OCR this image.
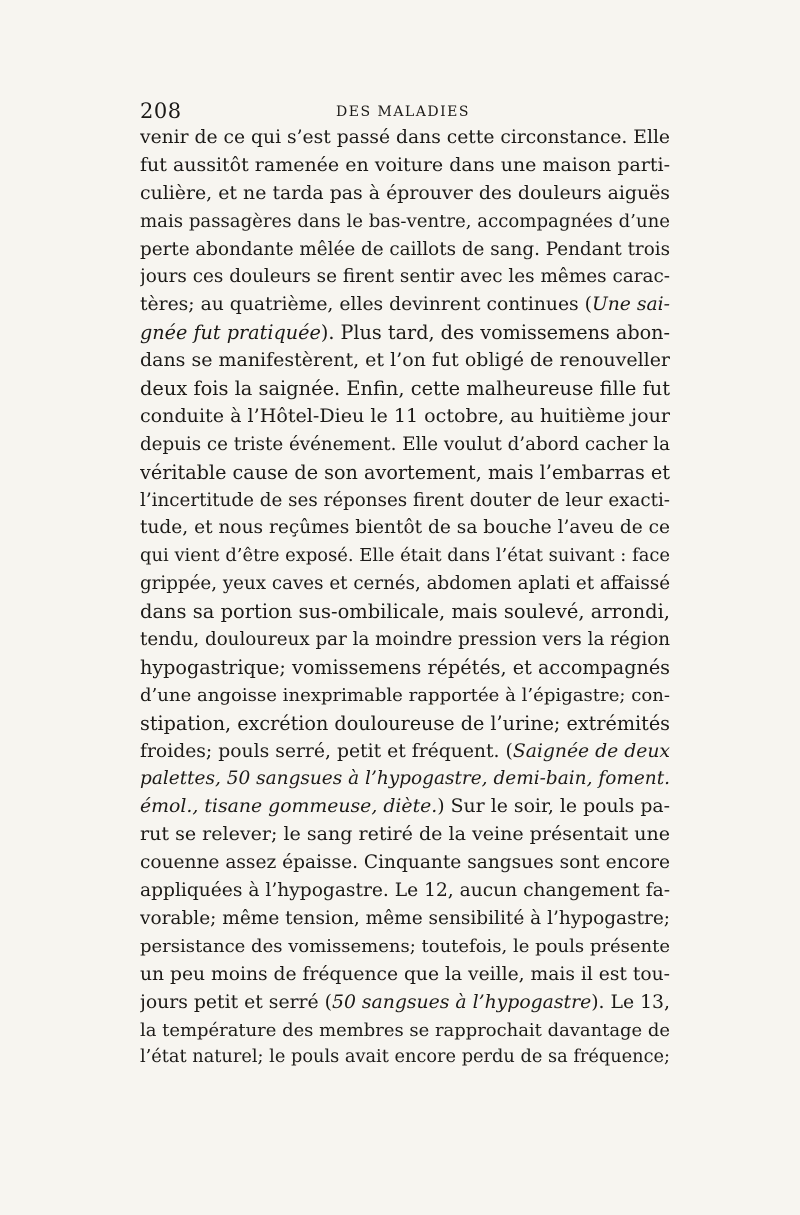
208	DES MALADIES
venir de ce qui s’est passé dans cette circonstance. Elle
fut aussitôt ramenée en voiture dans une maison parti-
culière, et ne tarda pas à éprouver des douleurs aiguës
mais passagères dans le bas-ventre, accompagnées d’une
perte abondante mêlée de caillots de sang. Pendant trois
jours ces douleurs se firent sentir avec les mêmes carac-
tères; au quatrième, elles devinrent continues (Une sai-
gnée fut pratiquée). Plus tard, des vomissemens abon-
dans se manifestèrent, et l’on fut obligé de renouveller
deux fois la saignée. Enfin, cette malheureuse fille fut
conduite à l’Hôtel-Dieu le 11 octobre, au huitième jour
depuis ce triste événement. Elle voulut d’abord cacher la
véritable cause de son avortement, mais l’embarras et
l’incertitude de ses réponses firent douter de leur exacti-
tude, et nous reçûmes bientôt de sa bouche l’aveu de ce
qui vient d’être exposé. Elle était dans l’état suivant : face
grippée, yeux caves et cernés, abdomen aplati et affaissé
dans sa portion sus-ombilicale, mais soulevé, arrondi,
tendu, douloureux par la moindre pression vers la région
hypogastrique; vomissemens répétés, et accompagnés
d’une angoisse inexprimable rapportée à l’épigastre; con-
stipation, excrétion douloureuse de l’urine; extrémités
froides; pouls serré, petit et fréquent. (Saignée de deux
palettes, 50 sangsues à l’hypogastre, demi-bain, foment.
émol., tisane gommeuse, diète.) Sur le soir, le pouls pa-
rut se relever; le sang retiré de la veine présentait une
couenne assez épaisse. Cinquante sangsues sont encore
appliquées à l’hypogastre. Le 12, aucun changement fa-
vorable; même tension, même sensibilité à l’hypogastre;
persistance des vomissemens; toutefois, le pouls présente
un peu moins de fréquence que la veille, mais il est tou-
jours petit et serré (50 sangsues à l’hypogastre). Le 13,
la température des membres se rapprochait davantage de
l’état naturel; le pouls avait encore perdu de sa fréquence;
